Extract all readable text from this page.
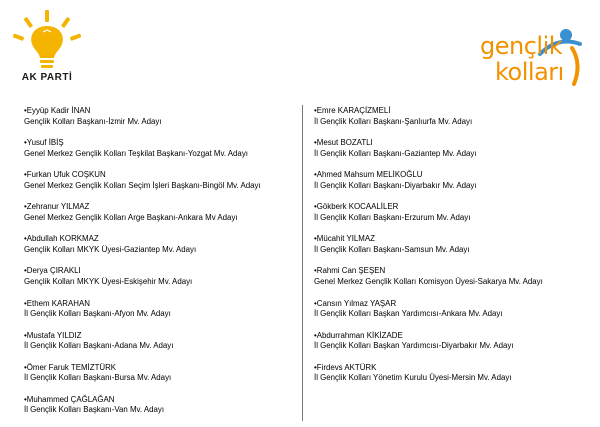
AK PARTİ
gençlik
kolları
•Eyyüp Kadir İNAN
Gençlik Kolları Başkanı-İzmir Mv. Adayı
•Yusuf İBİŞ
Genel Merkez Gençlik Kolları Teşkilat Başkanı-Yozgat Mv. Adayı
•Furkan Ufuk COŞKUN
Genel Merkez Gençlik Kolları Seçim İşleri Başkanı-Bingöl Mv. Adayı
•Zehranur YILMAZ
Genel Merkez Gençlik Kolları Arge Başkanı-Ankara Mv Adayı
•Abdullah KORKMAZ
Gençlik Kolları MKYK Üyesi-Gaziantep Mv. Adayı
•Derya ÇIRAKLI
Gençlik Kolları MKYK Üyesi-Eskişehir Mv. Adayı
•Ethem KARAHAN
İl Gençlik Kolları Başkanı-Afyon Mv. Adayı
•Mustafa YILDIZ
İl Gençlik Kolları Başkanı-Adana Mv. Adayı
•Ömer Faruk TEMİZTÜRK
İl Gençlik Kolları Başkanı-Bursa Mv. Adayı
•Muhammed ÇAĞLAĞAN
İl Gençlik Kolları Başkanı-Van Mv. Adayı
•Emre KARAÇİZMELİ
İl Gençlik Kolları Başkanı-Şanlıurfa Mv. Adayı
•Mesut BOZATLI
İl Gençlik Kolları Başkanı-Gaziantep Mv. Adayı
•Ahmed Mahsum MELİKOĞLU
İl Gençlik Kolları Başkanı-Diyarbakır Mv. Adayı
•Gökberk KOCAALİLER
İl Gençlik Kolları Başkanı-Erzurum Mv. Adayı
•Mücahit YILMAZ
İl Gençlik Kolları Başkanı-Samsun Mv. Adayı
•Rahmi Can ŞEŞEN
Genel Merkez Gençlik Kolları Komisyon Üyesi-Sakarya Mv. Adayı
•Cansın Yılmaz YAŞAR
İl Gençlik Kolları Başkan Yardımcısı-Ankara Mv. Adayı
•Abdurrahman KİKİZADE
İl Gençlik Kolları Başkan Yardımcısı-Diyarbakır Mv. Adayı
•Firdevs AKTÜRK
İl Gençlik Kolları Yönetim Kurulu Üyesi-Mersin Mv. Adayı
